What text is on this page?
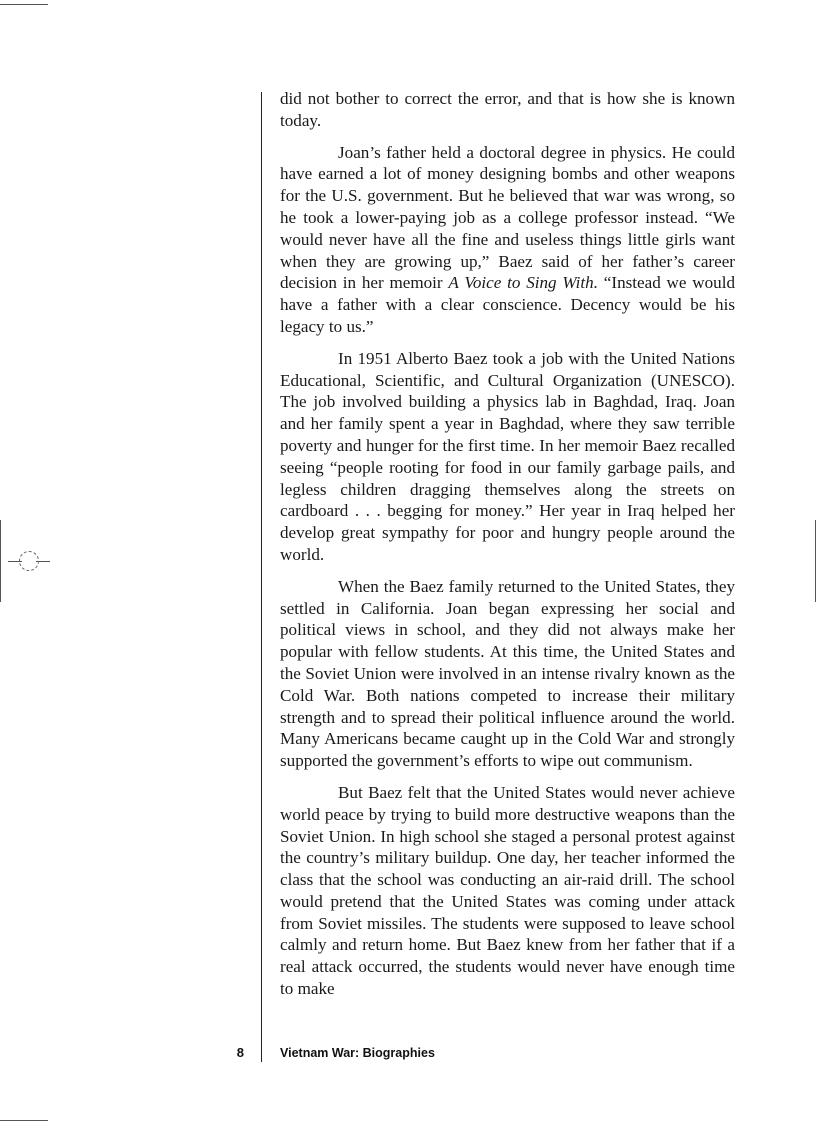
did not bother to correct the error, and that is how she is known today.

Joan’s father held a doctoral degree in physics. He could have earned a lot of money designing bombs and other weapons for the U.S. government. But he believed that war was wrong, so he took a lower-paying job as a college professor instead. “We would never have all the fine and useless things little girls want when they are growing up,” Baez said of her father’s career decision in her memoir A Voice to Sing With. “Instead we would have a father with a clear conscience. Decency would be his legacy to us.”

In 1951 Alberto Baez took a job with the United Nations Educational, Scientific, and Cultural Organization (UNESCO). The job involved building a physics lab in Baghdad, Iraq. Joan and her family spent a year in Baghdad, where they saw terrible poverty and hunger for the first time. In her memoir Baez recalled seeing “people rooting for food in our family garbage pails, and legless children dragging themselves along the streets on cardboard . . . begging for money.” Her year in Iraq helped her develop great sympathy for poor and hungry people around the world.

When the Baez family returned to the United States, they settled in California. Joan began expressing her social and political views in school, and they did not always make her popular with fellow students. At this time, the United States and the Soviet Union were involved in an intense rivalry known as the Cold War. Both nations competed to increase their military strength and to spread their political influence around the world. Many Americans became caught up in the Cold War and strongly supported the government’s efforts to wipe out communism.

But Baez felt that the United States would never achieve world peace by trying to build more destructive weapons than the Soviet Union. In high school she staged a personal protest against the country’s military buildup. One day, her teacher informed the class that the school was conducting an air-raid drill. The school would pretend that the United States was coming under attack from Soviet missiles. The students were supposed to leave school calmly and return home. But Baez knew from her father that if a real attack occurred, the students would never have enough time to make

8	Vietnam War: Biographies
